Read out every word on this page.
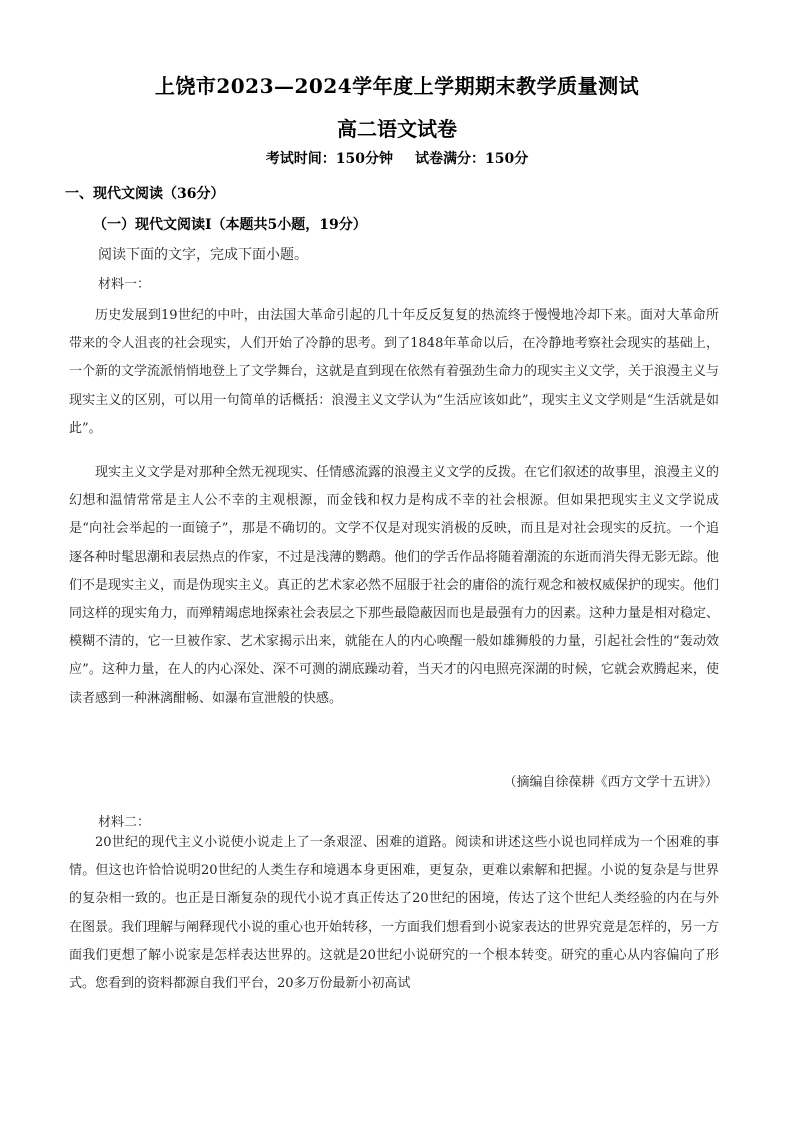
上饶市2023—2024学年度上学期期末教学质量测试
高二语文试卷
考试时间：150分钟 试卷满分：150分
一、现代文阅读（36分）
（一）现代文阅读Ⅰ（本题共5小题，19分）
阅读下面的文字，完成下面小题。
材料一：

历史发展到19世纪的中叶，由法国大革命引起的几十年反反复复的热流终于慢慢地冷却下来。面对大革命所带来的令人沮丧的社会现实，人们开始了冷静的思考。到了1848年革命以后，在冷静地考察社会现实的基础上，一个新的文学流派悄悄地登上了文学舞台，这就是直到现在依然有着强劲生命力的现实主义文学，关于浪漫主义与现实主义的区别，可以用一句简单的话概括：浪漫主义文学认为“生活应该如此”，现实主义文学则是“生活就是如此”。

现实主义文学是对那种全然无视现实、任情感流露的浪漫主义文学的反拨。在它们叙述的故事里，浪漫主义的幻想和温情常常是主人公不幸的主观根源，而金钱和权力是构成不幸的社会根源。但如果把现实主义文学说成是“向社会举起的一面镜子”，那是不确切的。文学不仅是对现实消极的反映，而且是对社会现实的反抗。一个追逐各种时髦思潮和表层热点的作家，不过是浅薄的鹦鹉。他们的学舌作品将随着潮流的东逝而消失得无影无踪。他们不是现实主义，而是伪现实主义。真正的艺术家必然不屈服于社会的庸俗的流行观念和被权威保护的现实。他们同这样的现实角力，而殚精竭虑地探索社会表层之下那些最隐蔽因而也是最强有力的因素。这种力量是相对稳定、模糊不清的，它一旦被作家、艺术家揭示出来，就能在人的内心唤醒一般如雄狮般的力量，引起社会性的“轰动效应”。这种力量，在人的内心深处、深不可测的湖底躁动着，当天才的闪电照亮深湖的时候，它就会欢腾起来，使读者感到一种淋漓酣畅、如瀑布宣泄般的快感。

（摘编自徐葆耕《西方文学十五讲》）
材料二：

20世纪的现代主义小说使小说走上了一条艰涩、困难的道路。阅读和讲述这些小说也同样成为一个困难的事情。但这也许恰恰说明20世纪的人类生存和境遇本身更困难，更复杂，更难以索解和把握。小说的复杂是与世界的复杂相一致的。也正是日渐复杂的现代小说才真正传达了20世纪的困境，传达了这个世纪人类经验的内在与外在图景。我们理解与阐释现代小说的重心也开始转移，一方面我们想看到小说家表达的世界究竟是怎样的，另一方面我们更想了解小说家是怎样表达世界的。这就是20世纪小说研究的一个根本转变。研究的重心从内容偏向了形式。您看到的资料都源自我们平台，20多万份最新小初高试
